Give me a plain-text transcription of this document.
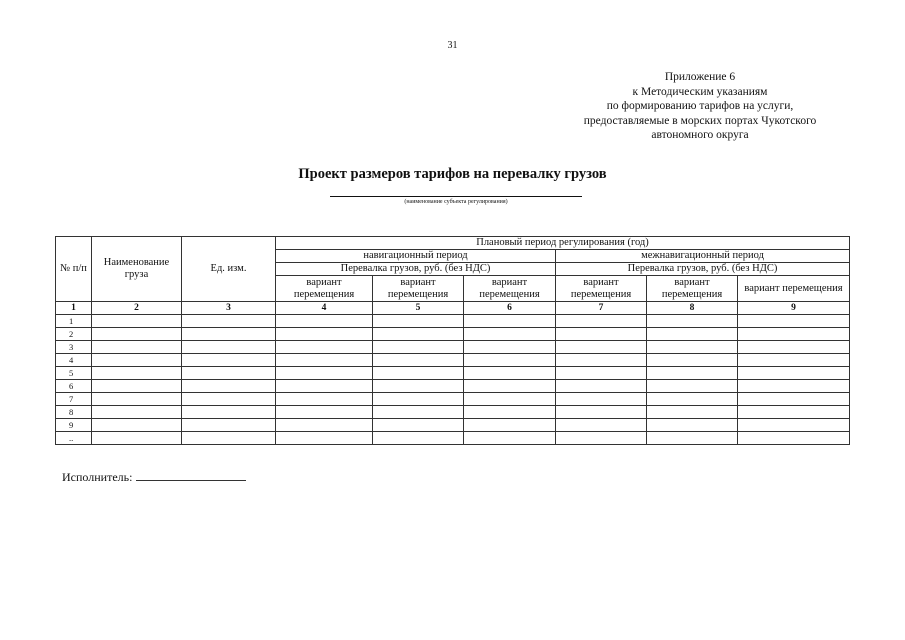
31
Приложение 6
к Методическим указаниям
по формированию тарифов на услуги,
предоставляемые в морских портах Чукотского
автономного округа
Проект размеров тарифов на перевалку грузов
(наименование субъекта регулирования)
№ п/п	Наименование груза	Ед. изм.	Плановый период регулирования (год)					
			навигационный период			межнавигационный период		
			Перевалка грузов, руб. (без НДС)			Перевалка грузов, руб. (без НДС)		
			вариант перемещения	вариант перемещения	вариант перемещения	вариант перемещения	вариант перемещения	вариант перемещения
1	2	3	4	5	6	7	8	9
1								
2								
3								
4								
5								
6								
7								
8								
9								
..								
Исполнитель:
